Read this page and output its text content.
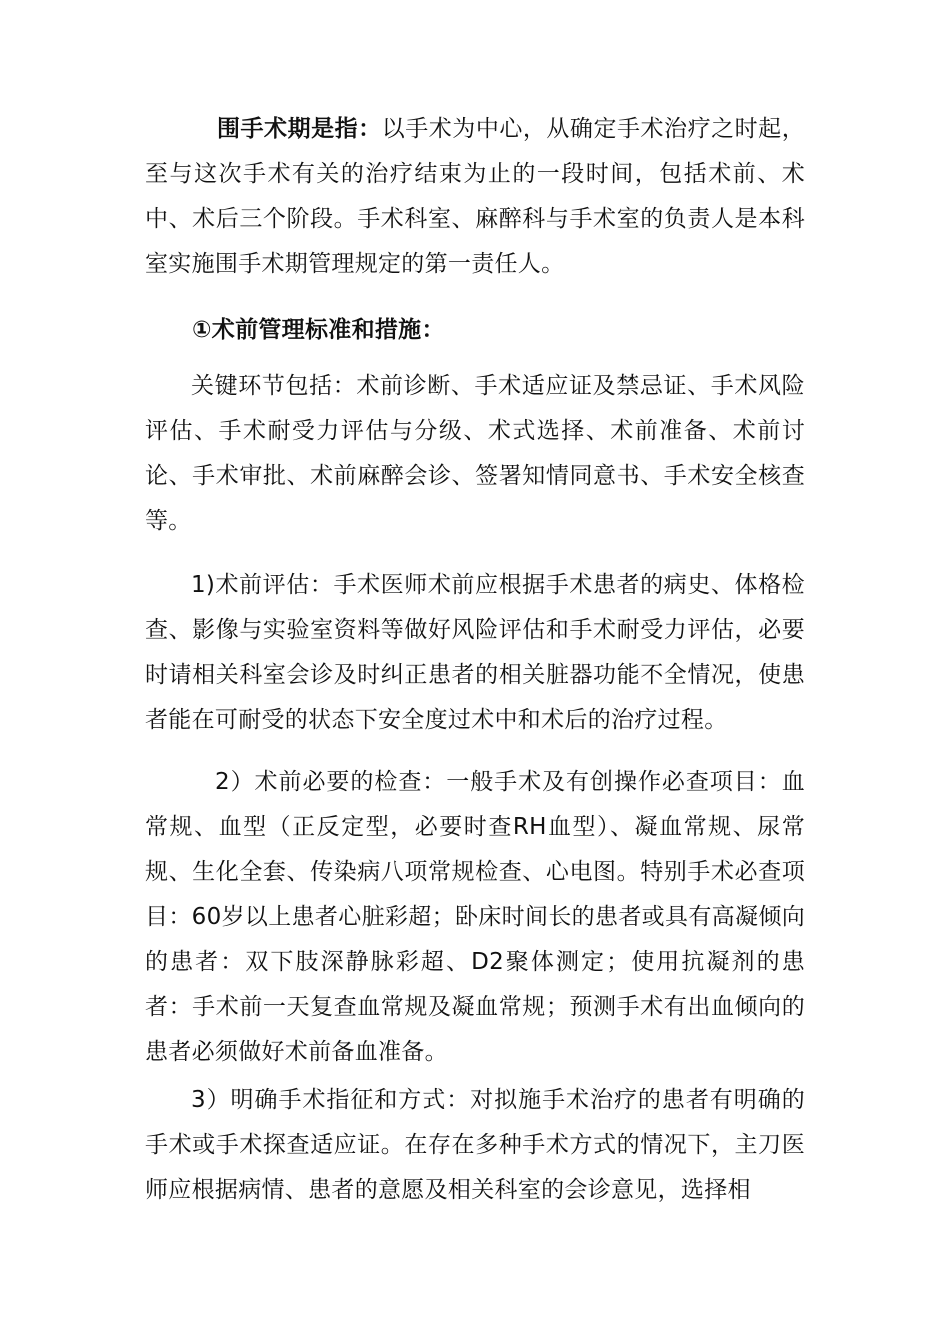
围手术期是指：以手术为中心，从确定手术治疗之时起，至与这次手术有关的治疗结束为止的一段时间，包括术前、术中、术后三个阶段。手术科室、麻醉科与手术室的负责人是本科室实施围手术期管理规定的第一责任人。

①术前管理标准和措施：

关键环节包括：术前诊断、手术适应证及禁忌证、手术风险评估、手术耐受力评估与分级、术式选择、术前准备、术前讨论、手术审批、术前麻醉会诊、签署知情同意书、手术安全核查等。

1)术前评估：手术医师术前应根据手术患者的病史、体格检查、影像与实验室资料等做好风险评估和手术耐受力评估，必要时请相关科室会诊及时纠正患者的相关脏器功能不全情况，使患者能在可耐受的状态下安全度过术中和术后的治疗过程。

2）术前必要的检查：一般手术及有创操作必查项目：血常规、血型（正反定型，必要时查RH血型）、凝血常规、尿常规、生化全套、传染病八项常规检查、心电图。特别手术必查项目：60岁以上患者心脏彩超；卧床时间长的患者或具有高凝倾向的患者：双下肢深静脉彩超、D2聚体测定；使用抗凝剂的患者：手术前一天复查血常规及凝血常规；预测手术有出血倾向的患者必须做好术前备血准备。

3）明确手术指征和方式：对拟施手术治疗的患者有明确的手术或手术探查适应证。在存在多种手术方式的情况下，主刀医师应根据病情、患者的意愿及相关科室的会诊意见，选择相
